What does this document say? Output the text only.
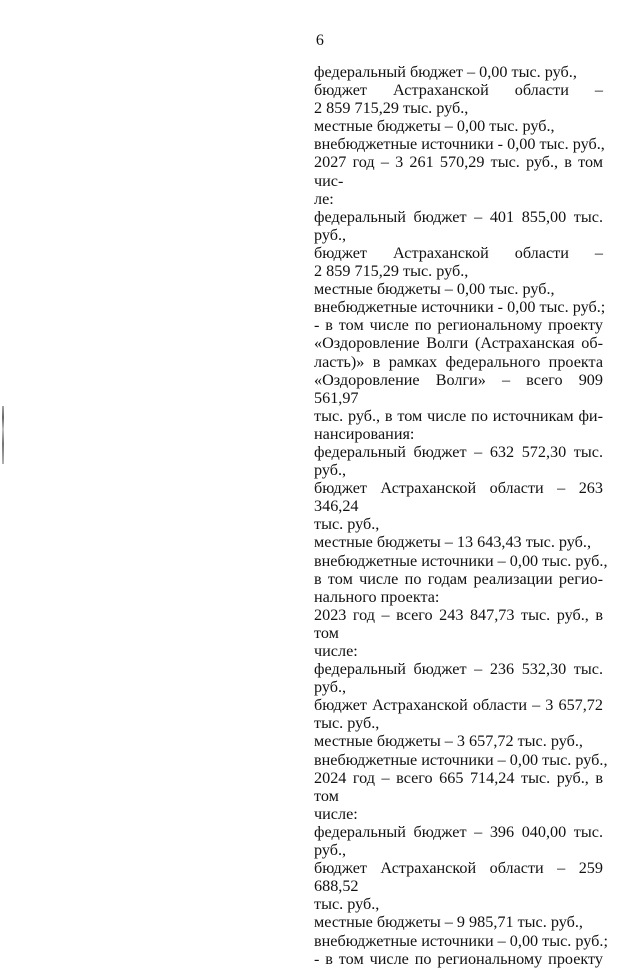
6
федеральный бюджет – 0,00 тыс. руб.,
бюджет Астраханской области –
2 859 715,29 тыс. руб.,
местные бюджеты – 0,00 тыс. руб.,
внебюджетные источники - 0,00 тыс. руб.,
2027 год – 3 261 570,29 тыс. руб., в том чис-
ле:
федеральный бюджет – 401 855,00 тыс.
руб.,
бюджет Астраханской области –
2 859 715,29 тыс. руб.,
местные бюджеты – 0,00 тыс. руб.,
внебюджетные источники - 0,00 тыс. руб.;
- в том числе по региональному проекту
«Оздоровление Волги (Астраханская об-
ласть)» в рамках федерального проекта
«Оздоровление Волги» – всего 909 561,97
тыс. руб., в том числе по источникам фи-
нансирования:
федеральный бюджет – 632 572,30 тыс.
руб.,
бюджет Астраханской области – 263 346,24
тыс. руб.,
местные бюджеты – 13 643,43 тыс. руб.,
внебюджетные источники – 0,00 тыс. руб.,
в том числе по годам реализации регио-
нального проекта:
2023 год – всего 243 847,73 тыс. руб., в том
числе:
федеральный бюджет – 236 532,30 тыс.
руб.,
бюджет Астраханской области – 3 657,72
тыс. руб.,
местные бюджеты – 3 657,72 тыс. руб.,
внебюджетные источники – 0,00 тыс. руб.,
2024 год – всего 665 714,24 тыс. руб., в том
числе:
федеральный бюджет – 396 040,00 тыс.
руб.,
бюджет Астраханской области – 259 688,52
тыс. руб.,
местные бюджеты – 9 985,71 тыс. руб.,
внебюджетные источники – 0,00 тыс. руб.;
- в том числе по региональному проекту
